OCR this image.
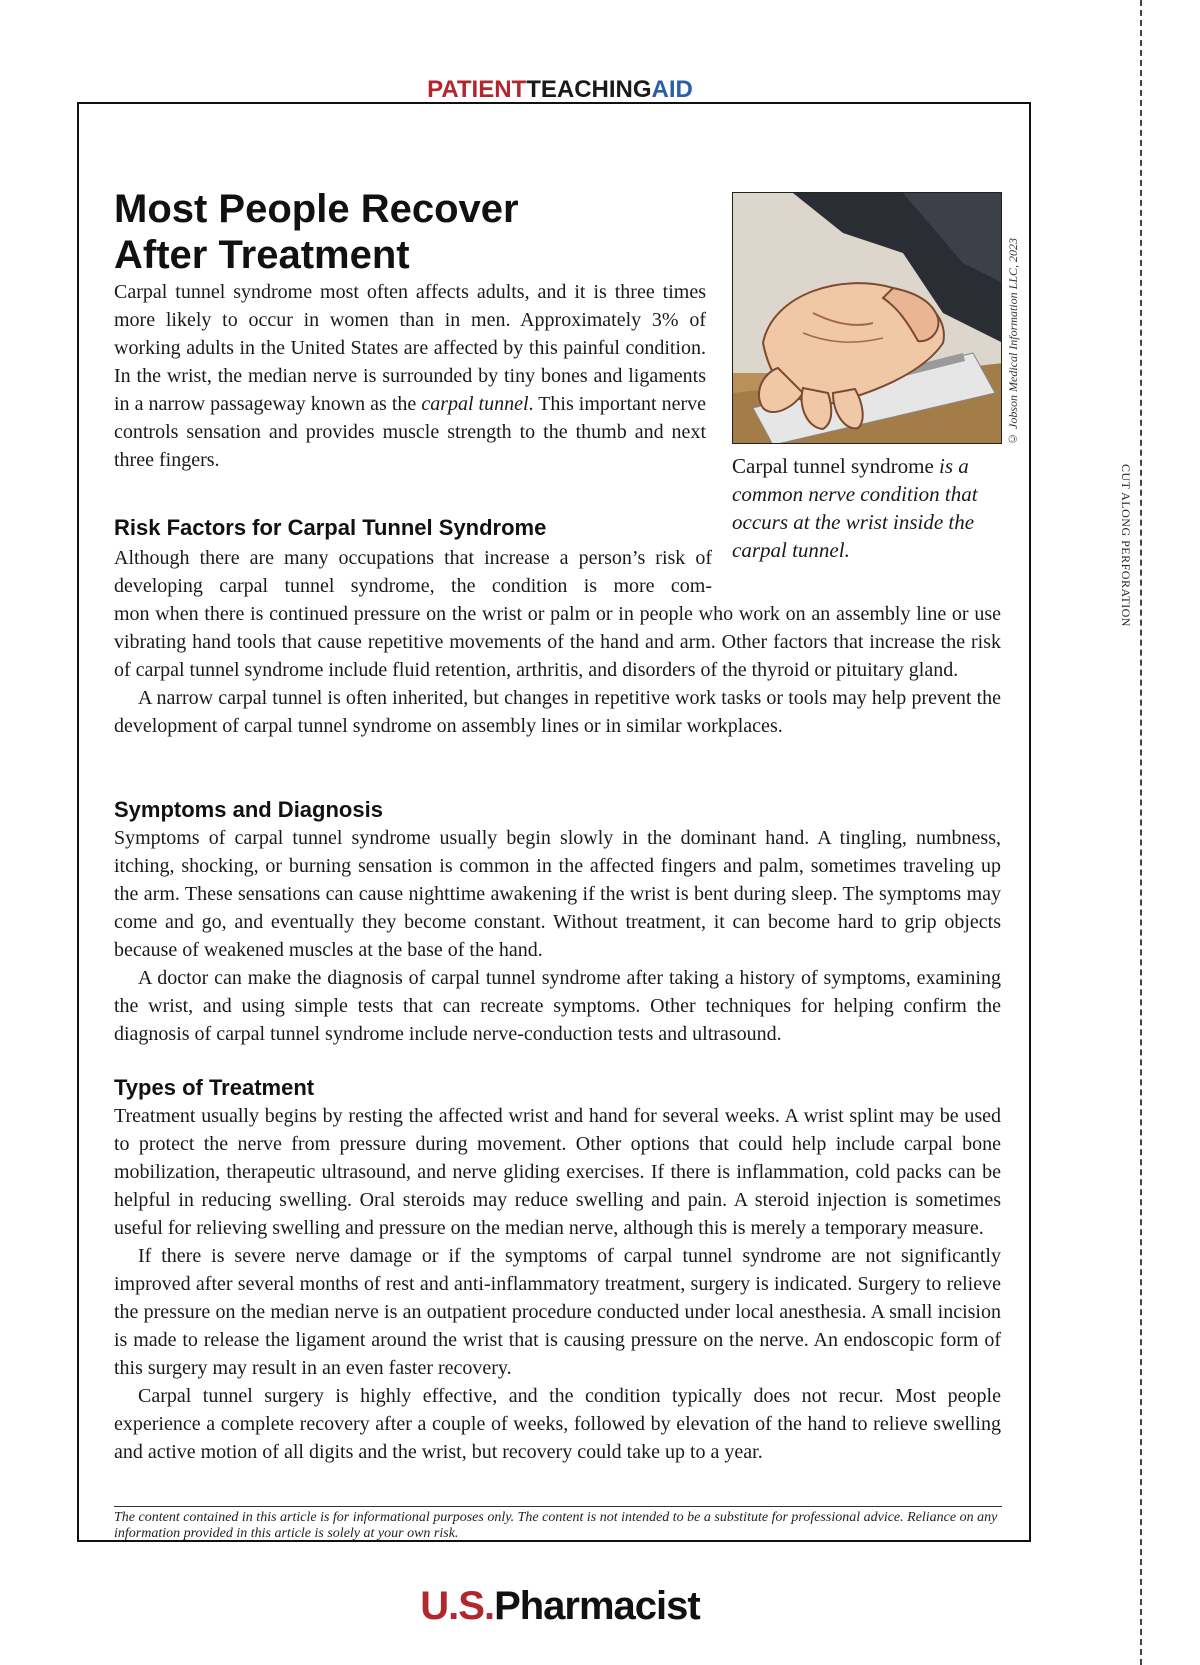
PATIENTTEACHINGAID
CUT ALONG PERFORATION
Most People Recover
After Treatment

Carpal tunnel syndrome most often affects adults, and it is three times more likely to occur in women than in men. Approximately 3% of working adults in the United States are affected by this painful condition. In the wrist, the median nerve is surrounded by tiny bones and ligaments in a narrow passageway known as the carpal tunnel. This important nerve controls sensation and provides muscle strength to the thumb and next three fingers.

© Jobson Medical Information LLC, 2023

Carpal tunnel syndrome is a common nerve condition that occurs at the wrist inside the carpal tunnel.

Risk Factors for Carpal Tunnel Syndrome

Although there are many occupations that increase a person’s risk of developing carpal tunnel syndrome, the condition is more com-

mon when there is continued pressure on the wrist or palm or in people who work on an assembly line or use vibrating hand tools that cause repetitive movements of the hand and arm. Other factors that increase the risk of carpal tunnel syndrome include fluid retention, arthritis, and disorders of the thyroid or pituitary gland.
A narrow carpal tunnel is often inherited, but changes in repetitive work tasks or tools may help prevent the development of carpal tunnel syndrome on assembly lines or in similar workplaces.
Symptoms and Diagnosis
Symptoms of carpal tunnel syndrome usually begin slowly in the dominant hand. A tingling, numbness, itching, shocking, or burning sensation is common in the affected fingers and palm, sometimes traveling up the arm. These sensations can cause nighttime awakening if the wrist is bent during sleep. The symptoms may come and go, and eventually they become constant. Without treatment, it can become hard to grip objects because of weakened muscles at the base of the hand.
A doctor can make the diagnosis of carpal tunnel syndrome after taking a history of symptoms, examining the wrist, and using simple tests that can recreate symptoms. Other techniques for helping confirm the diagnosis of carpal tunnel syndrome include nerve-conduction tests and ultrasound.
Types of Treatment
Treatment usually begins by resting the affected wrist and hand for several weeks. A wrist splint may be used to protect the nerve from pressure during movement. Other options that could help include carpal bone mobilization, therapeutic ultrasound, and nerve gliding exercises. If there is inflammation, cold packs can be helpful in reducing swelling. Oral steroids may reduce swelling and pain. A steroid injection is sometimes useful for relieving swelling and pressure on the median nerve, although this is merely a temporary measure.
If there is severe nerve damage or if the symptoms of carpal tunnel syndrome are not significantly improved after several months of rest and anti-inflammatory treatment, surgery is indicated. Surgery to relieve the pressure on the median nerve is an outpatient procedure conducted under local anesthesia. A small incision is made to release the ligament around the wrist that is causing pressure on the nerve. An endoscopic form of this surgery may result in an even faster recovery.
Carpal tunnel surgery is highly effective, and the condition typically does not recur. Most people experience a complete recovery after a couple of weeks, followed by elevation of the hand to relieve swelling and active motion of all digits and the wrist, but recovery could take up to a year.

The content contained in this article is for informational purposes only. The content is not intended to be a substitute for professional advice. Reliance on any information provided in this article is solely at your own risk.

U.S.Pharmacist
